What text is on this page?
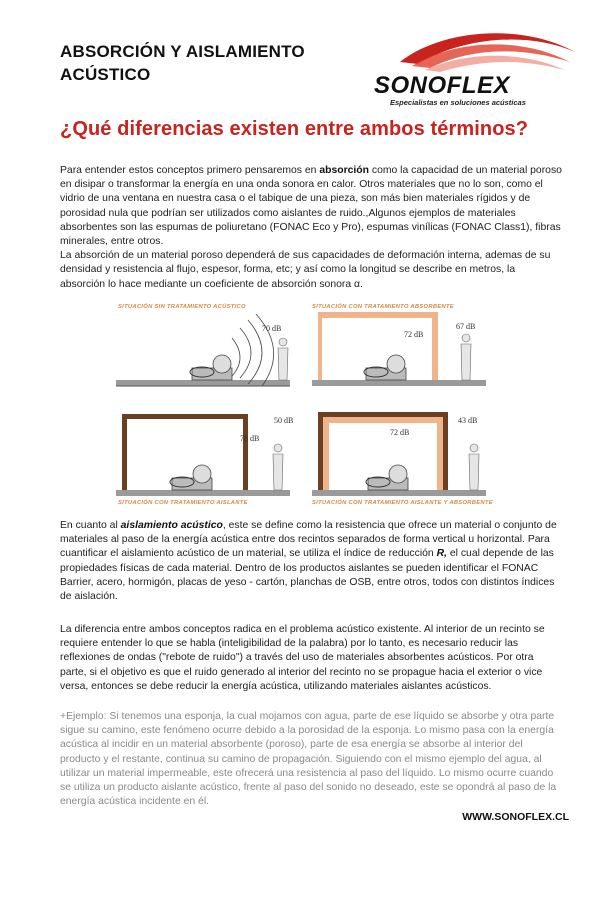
ABSORCIÓN Y AISLAMIENTO ACÚSTICO	SONOFLEX
Especialistas en soluciones acústicas
¿Qué diferencias existen entre ambos términos?
Para entender estos conceptos primero pensaremos en absorción como la capacidad de un material poroso en disipar o transformar la energía en una onda sonora en calor. Otros materiales que no lo son, como el vidrio de una ventana en nuestra casa o el tabique de una pieza, son más bien materiales rígidos y de porosidad nula que podrían ser utilizados como aislantes de ruido.,Algunos ejemplos de materiales absorbentes son las espumas de poliuretano (FONAC Eco y Pro), espumas vinílicas (FONAC Class1), fibras minerales, entre otros.
La absorción de un material poroso dependerá de sus capacidades de deformación interna, ademas de su densidad y resistencia al flujo, espesor, forma, etc; y así como la longitud se describe en metros, la absorción lo hace mediante un coeficiente de absorción sonora α.
SITUACIÓN SIN TRATAMIENTO ACÚSTICO
70 dB
SITUACIÓN CON TRATAMIENTO ABSORBENTE
72 dB
67 dB
78 dB
50 dB
SITUACIÓN CON TRATAMIENTO AISLANTE
72 dB
43 dB
SITUACIÓN CON TRATAMIENTO AISLANTE Y ABSORBENTE
En cuanto al aislamiento acústico, este se define como la resistencia que ofrece un material o conjunto de materiales al paso de la energía acústica entre dos recintos separados de forma vertical u horizontal. Para cuantificar el aislamiento acústico de un material, se utiliza el índice de reducción R, el cual depende de las propiedades físicas de cada material. Dentro de los productos aislantes se pueden identificar el FONAC Barrier, acero, hormigón, placas de yeso - cartón, planchas de OSB, entre otros, todos con distintos índices de aislación.
La diferencia entre ambos conceptos radica en el problema acústico existente. Al interior de un recinto se requiere entender lo que se habla (inteligibilidad de la palabra) por lo tanto, es necesario reducir las reflexiones de ondas ("rebote de ruido") a través del uso de materiales absorbentes acústicos. Por otra parte, si el objetivo es que el ruido generado al interior del recinto no se propague hacia el exterior o vice versa, entonces se debe reducir la energía acústica, utilizando materiales aislantes acústicos.
+Ejemplo: Si tenemos una esponja, la cual mojamos con agua, parte de ese líquido se absorbe y otra parte sigue su camino, este fenómeno ocurre debido a la porosidad de la esponja. Lo mismo pasa con la energía acústica al incidir en un material absorbente (poroso), parte de esa energía se absorbe al interior del producto y el restante, continua su camino de propagación. Siguiendo con el mismo ejemplo del agua, al utilizar un material impermeable, este ofrecerá una resistencia al paso del líquido. Lo mismo ocurre cuando se utiliza un producto aislante acústico, frente al paso del sonido no deseado, este se opondrá al paso de la energía acústica incidente en él.
WWW.SONOFLEX.CL
